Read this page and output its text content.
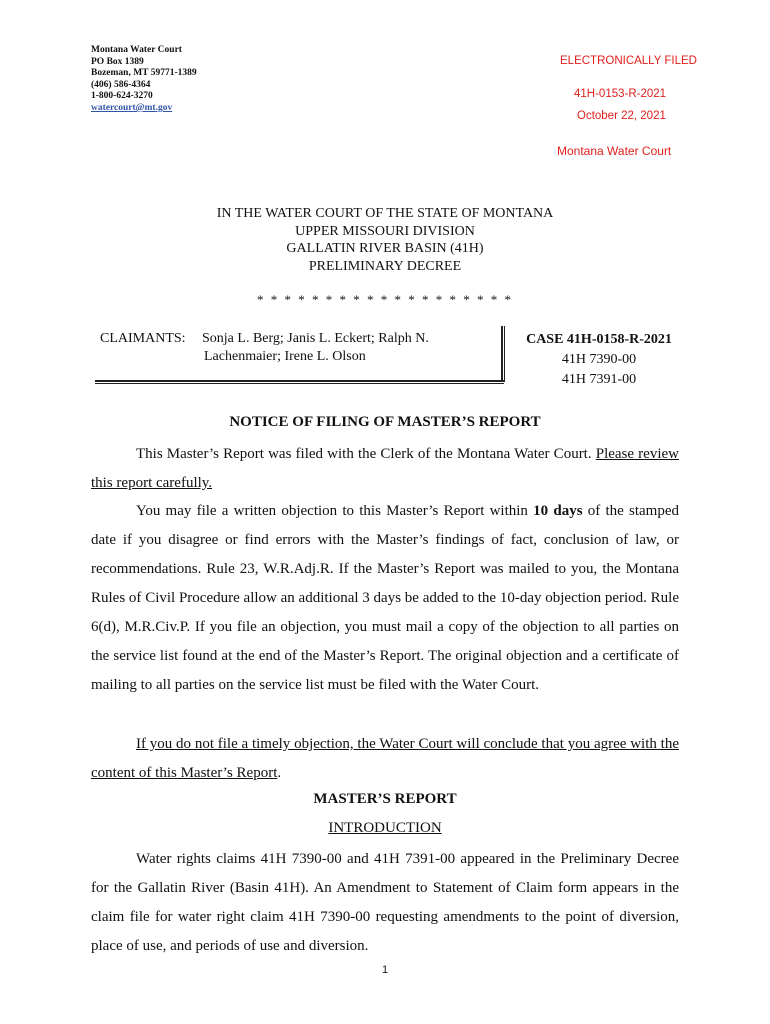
Montana Water Court
PO Box 1389
Bozeman, MT 59771-1389
(406) 586-4364
1-800-624-3270
watercourt@mt.gov
ELECTRONICALLY FILED
41H-0153-R-2021
October 22, 2021
Montana Water Court
IN THE WATER COURT OF THE STATE OF MONTANA
UPPER MISSOURI DIVISION
GALLATIN RIVER BASIN (41H)
PRELIMINARY DECREE
* * * * * * * * * * * * * * * * * * *
CLAIMANTS: Sonja L. Berg; Janis L. Eckert; Ralph N.
Lachenmaier; Irene L. Olson
CASE 41H-0158-R-2021
41H 7390-00
41H 7391-00
NOTICE OF FILING OF MASTER’S REPORT
This Master’s Report was filed with the Clerk of the Montana Water Court. Please review this report carefully.
You may file a written objection to this Master’s Report within 10 days of the stamped date if you disagree or find errors with the Master’s findings of fact, conclusion of law, or recommendations. Rule 23, W.R.Adj.R. If the Master’s Report was mailed to you, the Montana Rules of Civil Procedure allow an additional 3 days be added to the 10-day objection period. Rule 6(d), M.R.Civ.P. If you file an objection, you must mail a copy of the objection to all parties on the service list found at the end of the Master’s Report. The original objection and a certificate of mailing to all parties on the service list must be filed with the Water Court.
If you do not file a timely objection, the Water Court will conclude that you agree with the content of this Master’s Report.
MASTER’S REPORT
INTRODUCTION
Water rights claims 41H 7390-00 and 41H 7391-00 appeared in the Preliminary Decree for the Gallatin River (Basin 41H). An Amendment to Statement of Claim form appears in the claim file for water right claim 41H 7390-00 requesting amendments to the point of diversion, place of use, and periods of use and diversion.
1
